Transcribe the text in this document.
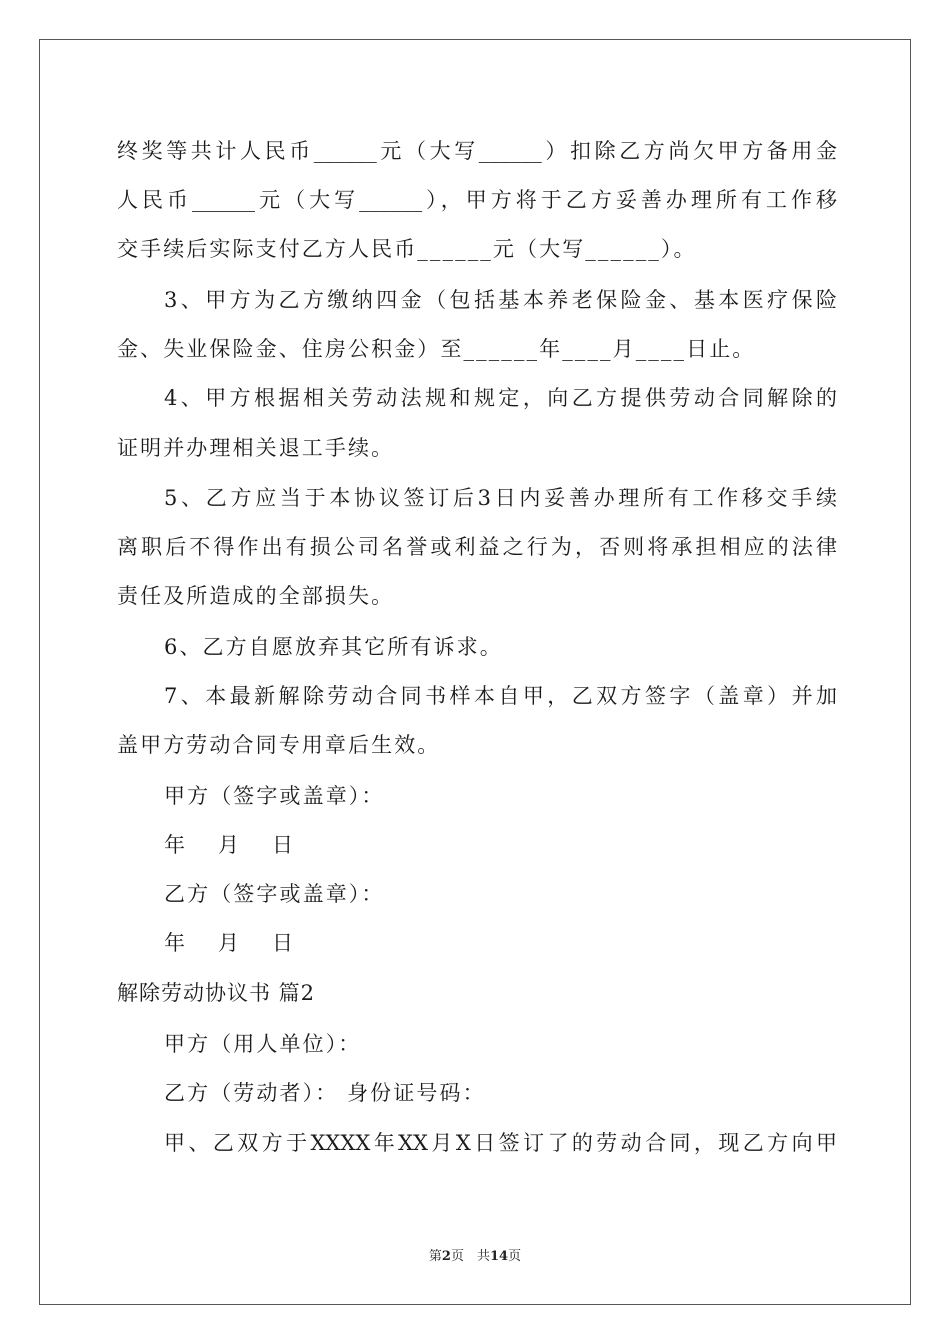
终奖等共计人民币______元（大写______）扣除乙方尚欠甲方备用金
人民币______元（大写______），甲方将于乙方妥善办理所有工作移
交手续后实际支付乙方人民币______元（大写______）。
3、甲方为乙方缴纳四金（包括基本养老保险金、基本医疗保险
金、失业保险金、住房公积金）至______年____月____日止。
4、甲方根据相关劳动法规和规定，向乙方提供劳动合同解除的
证明并办理相关退工手续。
5、乙方应当于本协议签订后3日内妥善办理所有工作移交手续
离职后不得作出有损公司名誉或利益之行为，否则将承担相应的法律
责任及所造成的全部损失。
6、乙方自愿放弃其它所有诉求。
7、本最新解除劳动合同书样本自甲，乙双方签字（盖章）并加
盖甲方劳动合同专用章后生效。
甲方（签字或盖章）：
年　月　日
乙方（签字或盖章）：
年　月　日
解除劳动协议书 篇2
甲方（用人单位）：
乙方（劳动者）： 身份证号码：
甲、乙双方于XXXX年XX月X日签订了的劳动合同，现乙方向甲
第2页　共14页
